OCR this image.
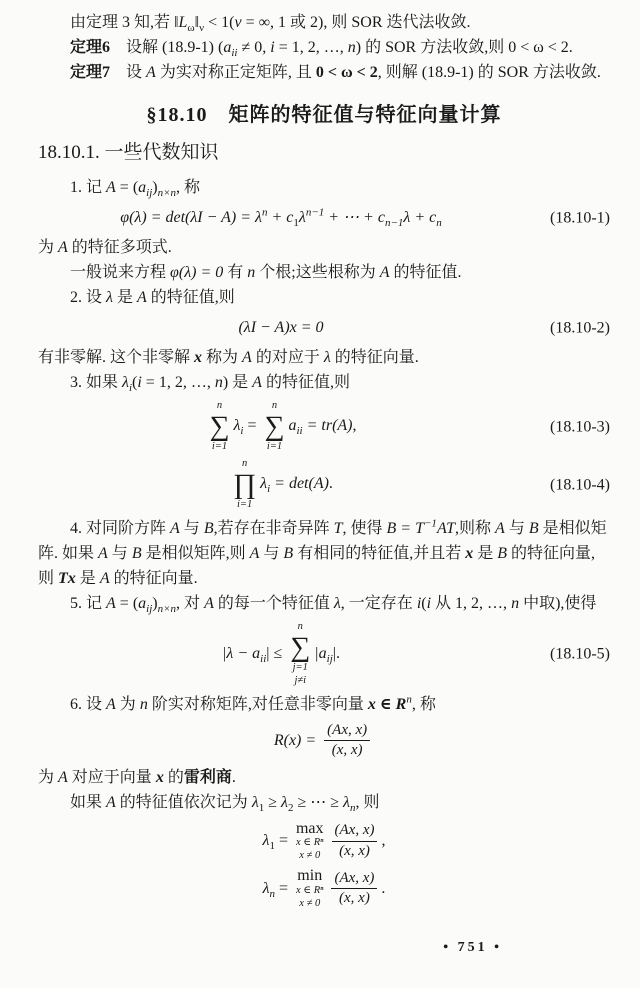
由定理 3 知,若 $‖L_\omega‖_\nu < 1(\nu$ = ∞, 1 或 2), 则 SOR 迭代法收敛.

定理6　设解 (18.9-1) ($a_{ii} \ne 0$, i = 1, 2, …, n) 的 SOR 方法收敛,则 0 < ω < 2.

定理7　设 A 为实对称正定矩阵, 且 0 < ω < 2, 则解 (18.9-1) 的 SOR 方法收敛.

§18.10　矩阵的特征值与特征向量计算
18.10.1. 一些代数知识

1. 记 $A = (a_{ij})_{n\times n}$, 称

$\varphi(\lambda) = \det(\lambda I - A) = \lambda^n + c_1\lambda^{n-1}$ + ⋯ + $c_{n-1}\lambda + c_n$	(18.10-1)

为 A 的特征多项式.

一般说来方程 φ(λ) = 0 有 n 个根;这些根称为 A 的特征值.

2. 设 λ 是 A 的特征值,则

(λI − A)x = 0	(18.10-2)

有非零解. 这个非零解 x 称为 A 的对应于 λ 的特征向量.

3. 如果 $\lambda_i(i = 1$, 2, …, n) 是 A 的特征值,则

n
∑
i=1
$\lambda_i$ =
n
∑
i=1
$a_{ii} = tr(A)$,	(18.10-3)
n
∏
i=1
$\lambda_i = \det(A)$.	(18.10-4)

4. 对同阶方阵 A 与 B,若存在非奇异阵 T, 使得 $B = T^{-1}AT$,则称 A 与 B 是相似矩阵. 如果 A 与 B 是相似矩阵,则 A 与 B 有相同的特征值,并且若 x 是 B 的特征向量,则 Tx 是 A 的特征向量.

5. 记 $A = (a_{ij})_{n\times n}$, 对 A 的每一个特征值 λ, 一定存在 i(i 从 1, 2, …, n 中取),使得

$|\lambda - a_{ii}|$ ≤
n
∑
j=1
j≠i
$|a_{ij}|$.	(18.10-5)

6. 设 A 为 n 阶实对称矩阵,对任意非零向量 x ∈ $R^n$, 称

$R(x) = \frac{(Ax, x)}{(x, x)}$

为 A 对应于向量 x 的雷利商.

如果 A 的特征值依次记为 $\lambda_1 \ge \lambda_2$ ≥ ⋯ ≥ $\lambda_n$, 则

$\lambda_1$ =
max
x ∈ Rⁿ
$x \ne 0 \frac{(Ax, x)}{(x, x)}$ ,
$\lambda_n$ =
min
x ∈ Rⁿ
$x \ne 0 \frac{(Ax, x)}{(x, x)}$ .
• 751 •
